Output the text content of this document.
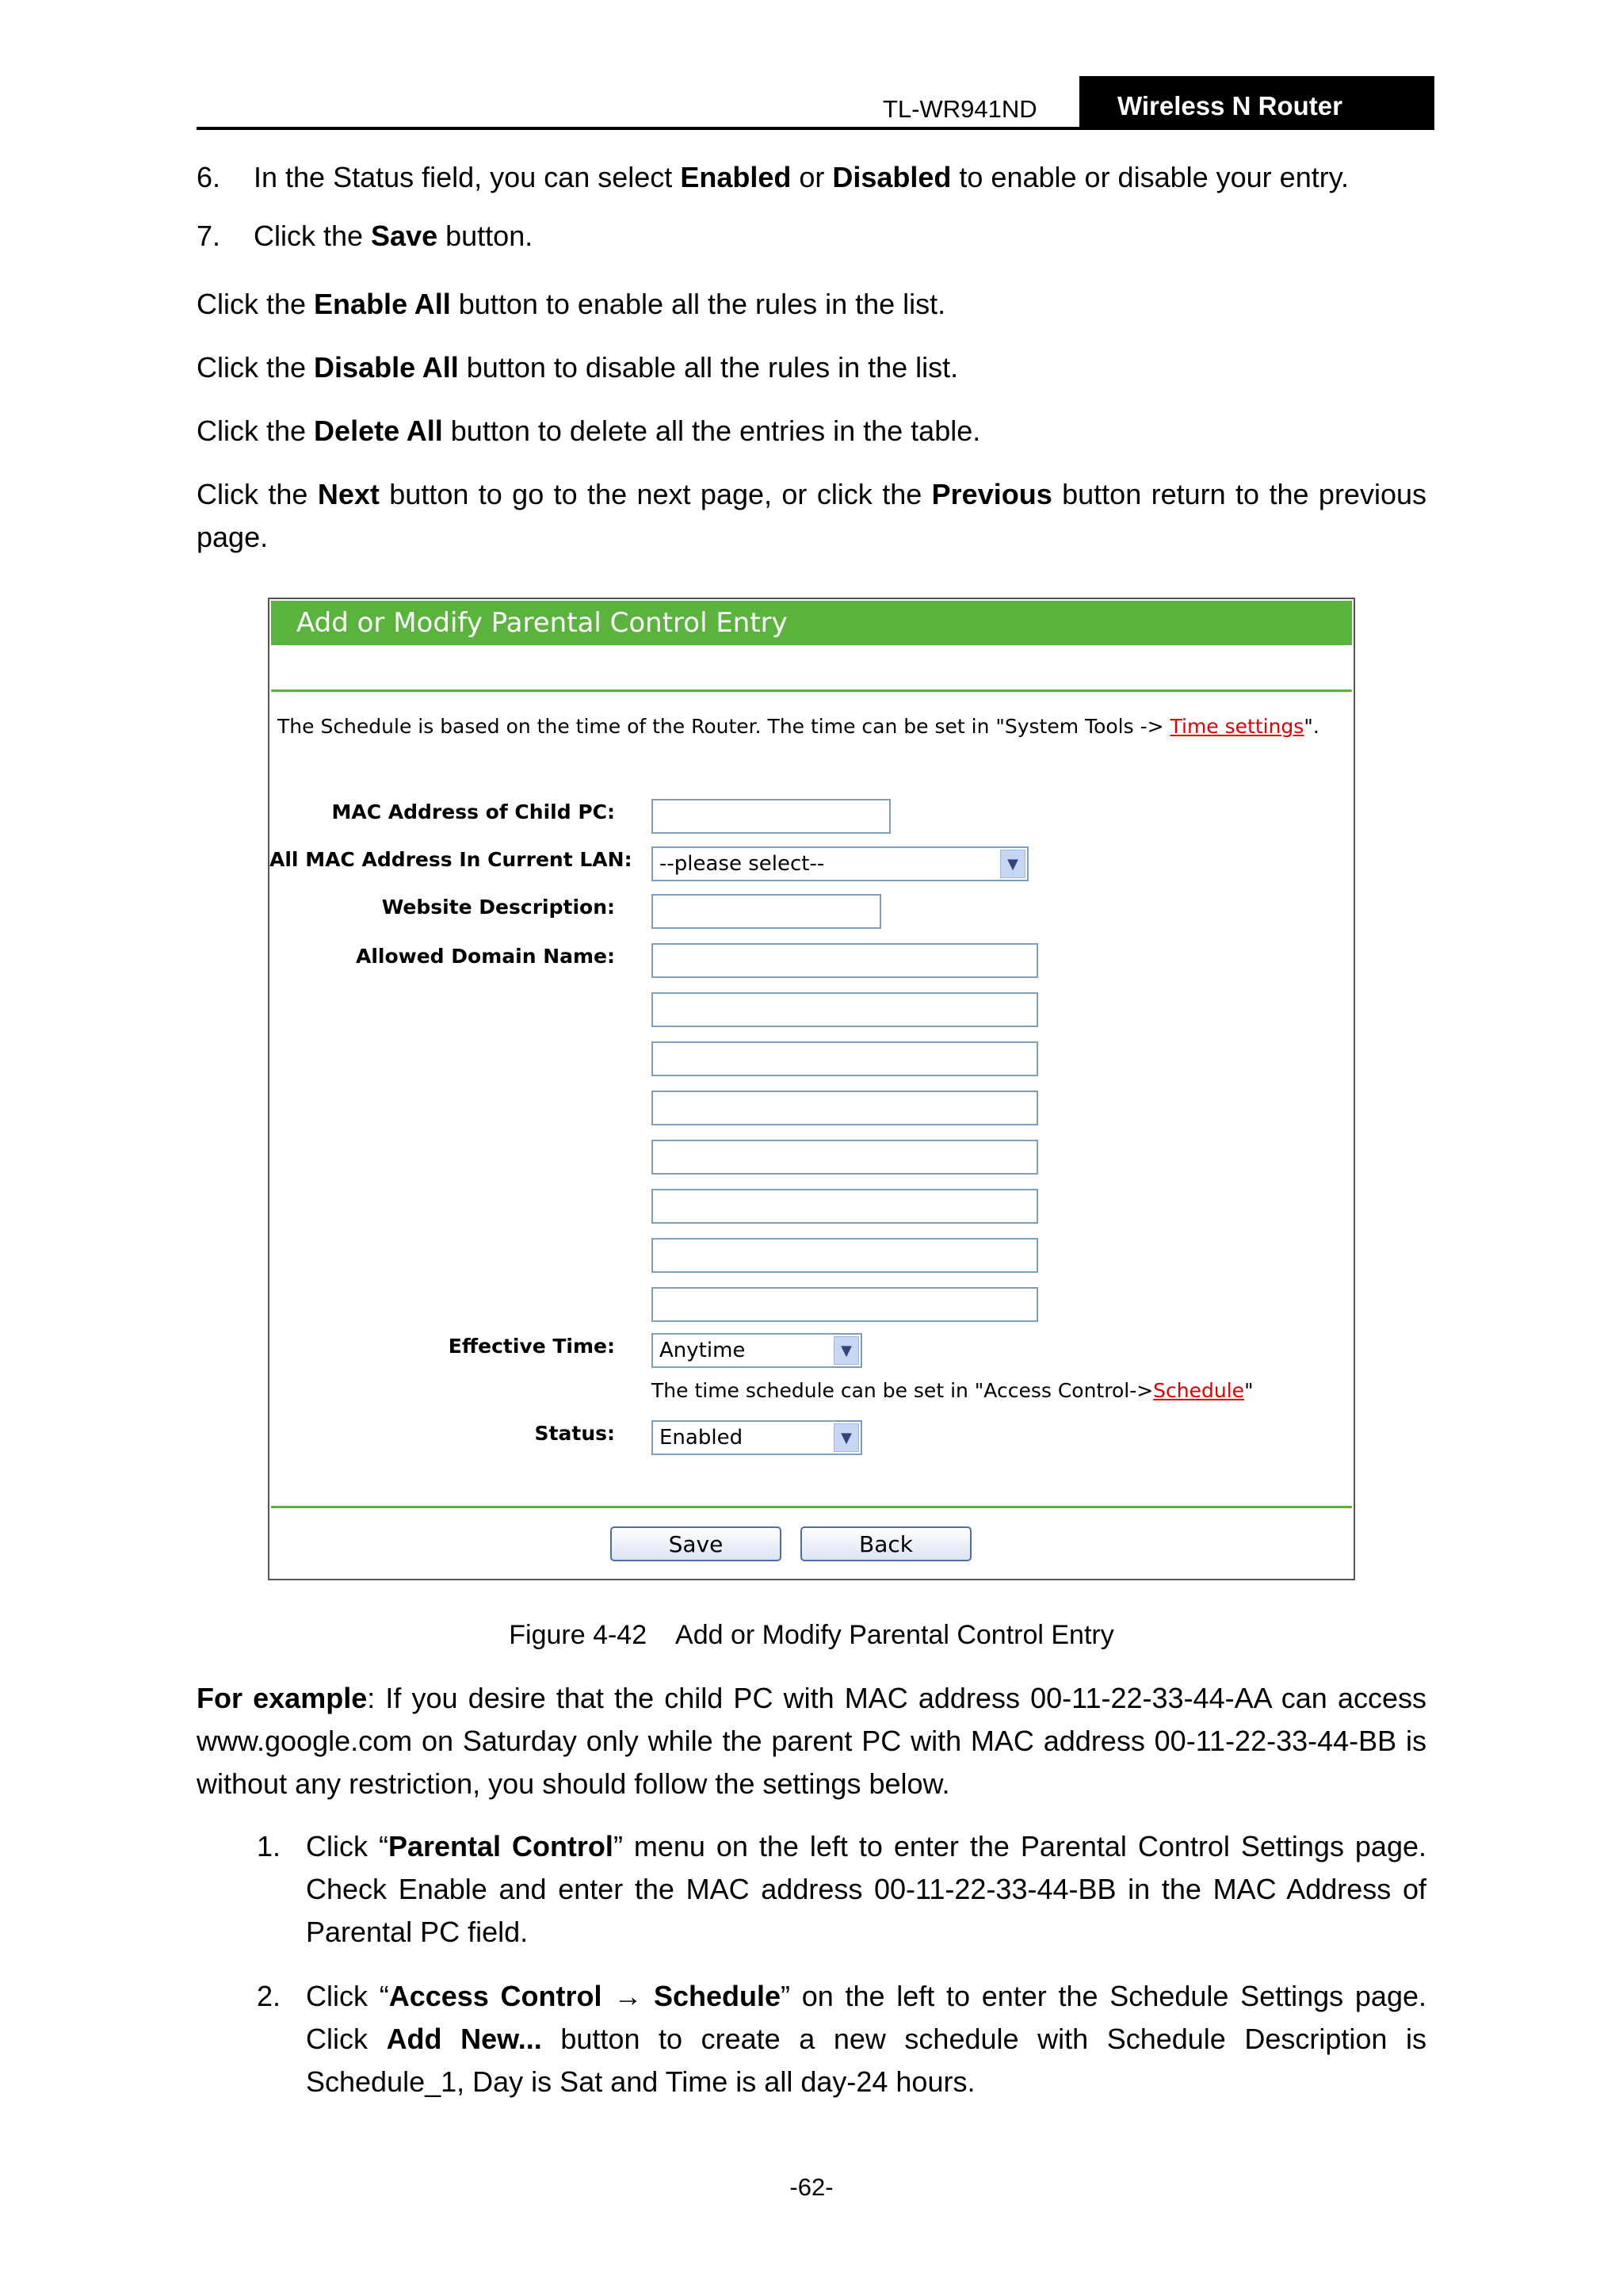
TL-WR941ND	Wireless N Router
6. In the Status field, you can select Enabled or Disabled to enable or disable your entry.
7. Click the Save button.
Click the Enable All button to enable all the rules in the list.
Click the Disable All button to disable all the rules in the list.
Click the Delete All button to delete all the entries in the table.
Click the Next button to go to the next page, or click the Previous button return to the previous page.
Add or Modify Parental Control Entry
The Schedule is based on the time of the Router. The time can be set in "System Tools -> Time settings".
MAC Address of Child PC:
All MAC Address In Current LAN: --please select--	▼
Website Description:
Allowed Domain Name:
Effective Time: Anytime	▼
The time schedule can be set in "Access Control->Schedule"
Status: Enabled	▼
Save	Back
Figure 4-42    Add or Modify Parental Control Entry
For example: If you desire that the child PC with MAC address 00-11-22-33-44-AA can access www.google.com on Saturday only while the parent PC with MAC address 00-11-22-33-44-BB is without any restriction, you should follow the settings below.
1. Click “Parental Control” menu on the left to enter the Parental Control Settings page. Check Enable and enter the MAC address 00-11-22-33-44-BB in the MAC Address of Parental PC field.
2. Click “Access Control → Schedule” on the left to enter the Schedule Settings page. Click Add New... button to create a new schedule with Schedule Description is Schedule_1, Day is Sat and Time is all day-24 hours.
-62-
